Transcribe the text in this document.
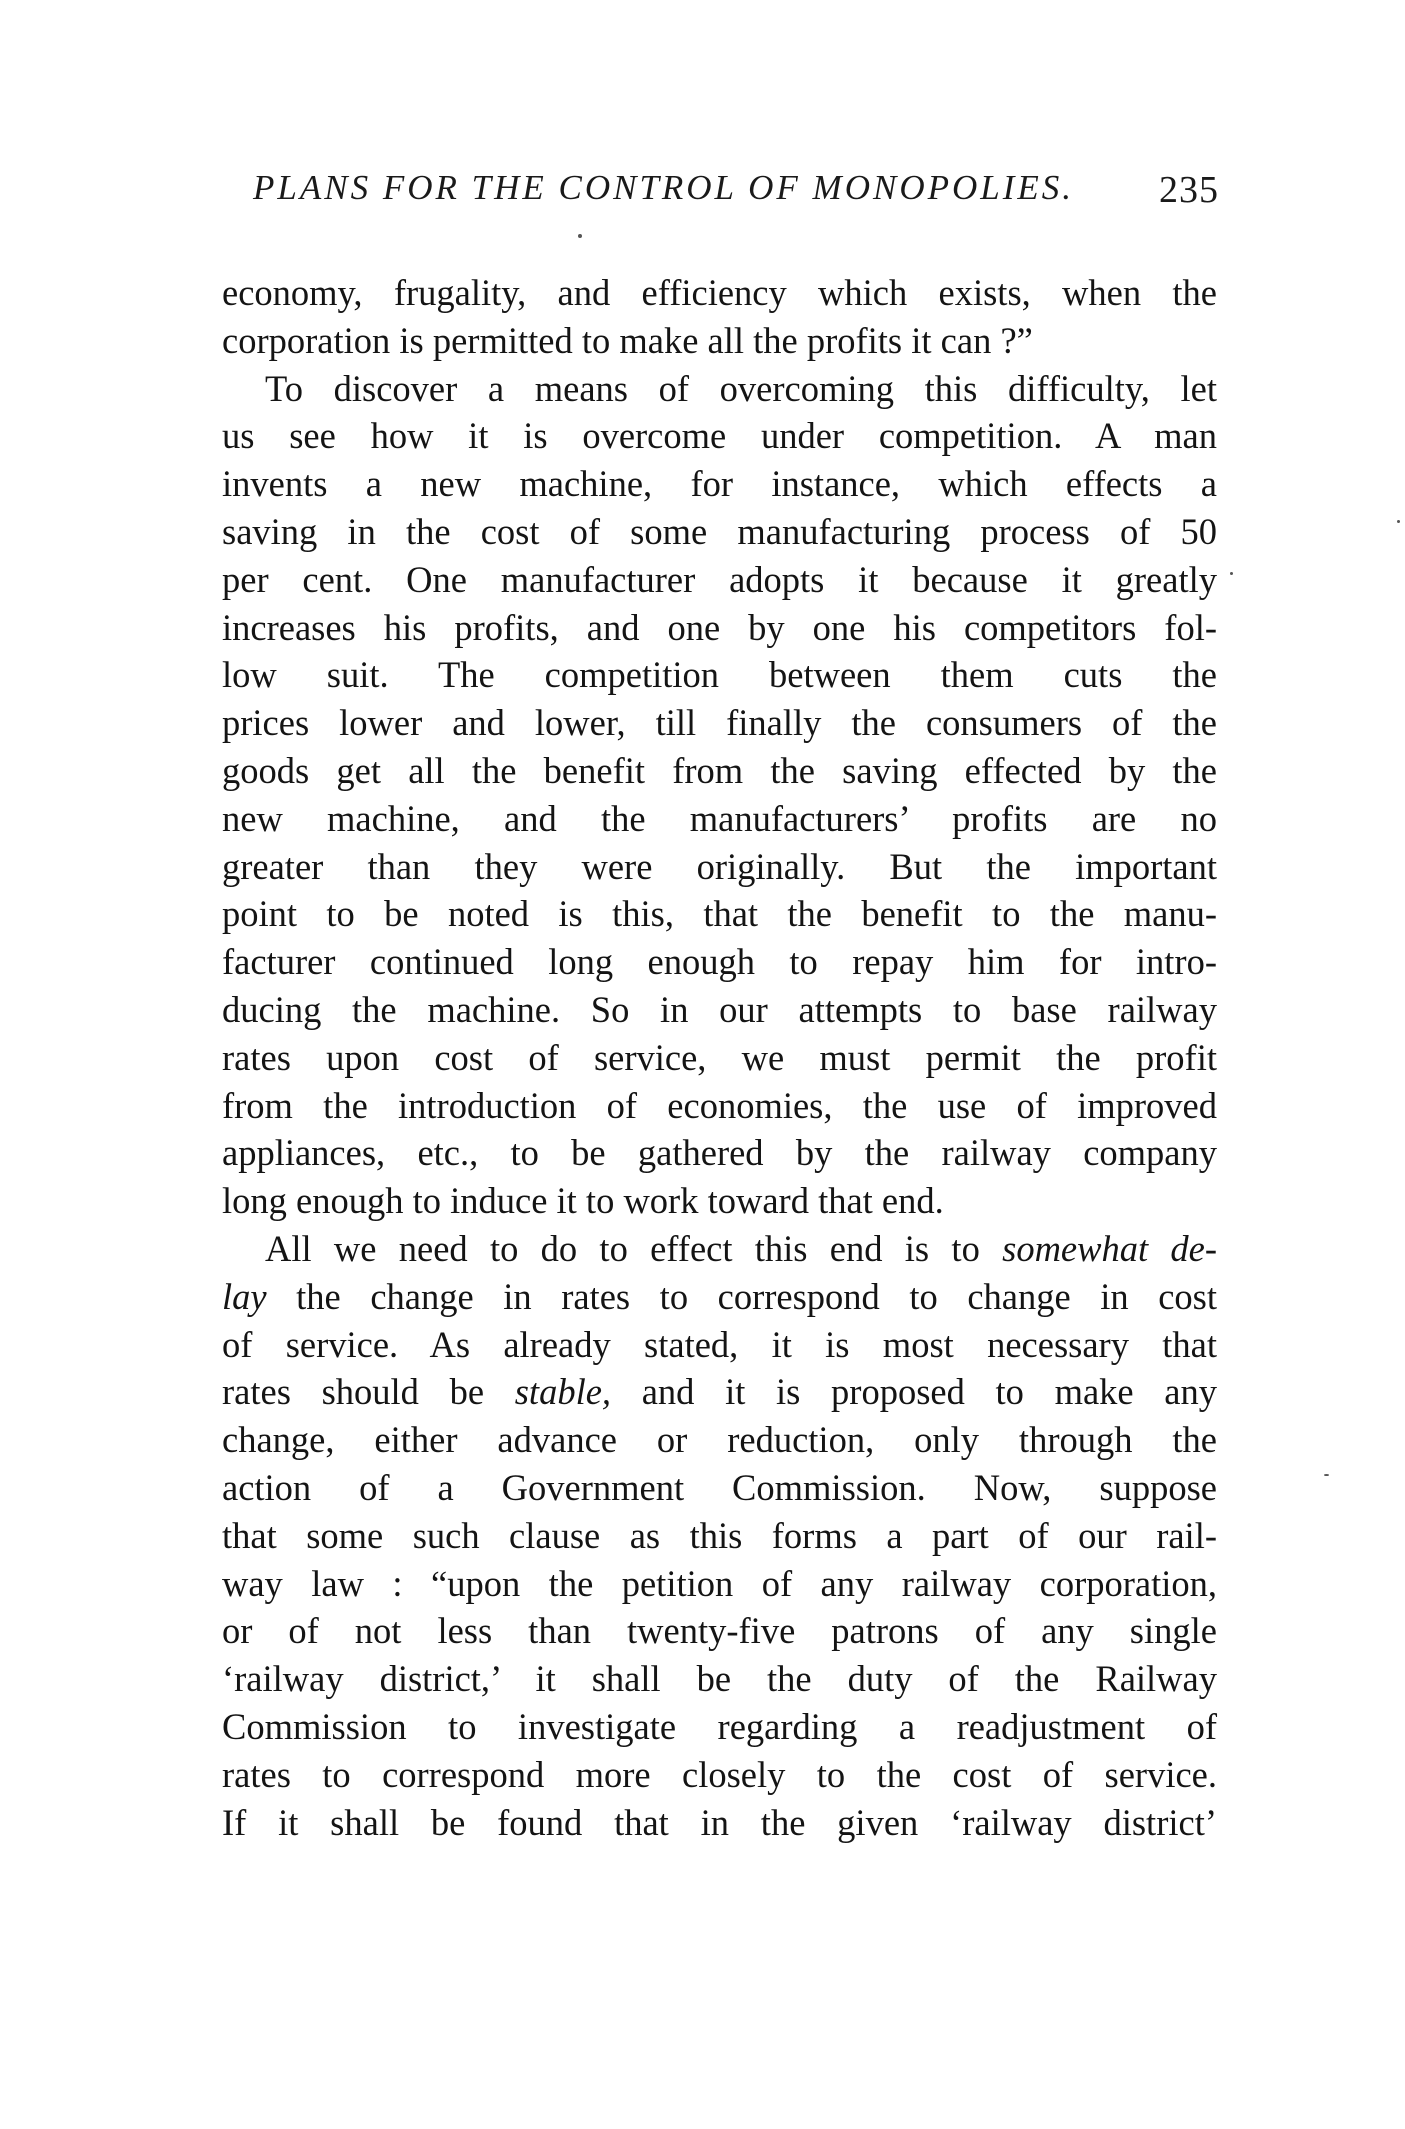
PLANS FOR THE CONTROL OF MONOPOLIES. 235
economy, frugality, and efficiency which exists, when the
corporation is permitted to make all the profits it can ?”
To discover a means of overcoming this difficulty, let
us see how it is overcome under competition. A man
invents a new machine, for instance, which effects a
saving in the cost of some manufacturing process of 50
per cent. One manufacturer adopts it because it greatly
increases his profits, and one by one his competitors fol-
low suit. The competition between them cuts the
prices lower and lower, till finally the consumers of the
goods get all the benefit from the saving effected by the
new machine, and the manufacturers’ profits are no
greater than they were originally. But the important
point to be noted is this, that the benefit to the manu-
facturer continued long enough to repay him for intro-
ducing the machine. So in our attempts to base railway
rates upon cost of service, we must permit the profit
from the introduction of economies, the use of improved
appliances, etc., to be gathered by the railway company
long enough to induce it to work toward that end.
All we need to do to effect this end is to somewhat de-
lay the change in rates to correspond to change in cost
of service. As already stated, it is most necessary that
rates should be stable, and it is proposed to make any
change, either advance or reduction, only through the
action of a Government Commission. Now, suppose
that some such clause as this forms a part of our rail-
way law : “upon the petition of any railway corporation,
or of not less than twenty-five patrons of any single
‘railway district,’ it shall be the duty of the Railway
Commission to investigate regarding a readjustment of
rates to correspond more closely to the cost of service.
If it shall be found that in the given ‘railway district’
